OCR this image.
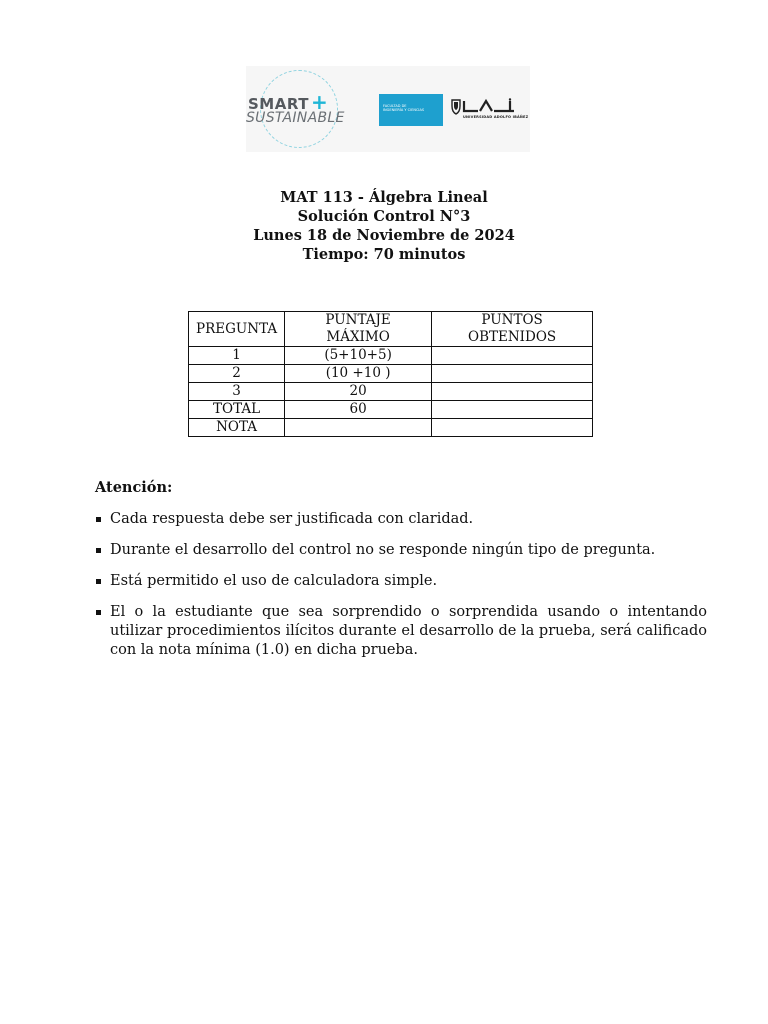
SMART +
SUSTAINABLE
FACULTAD DE
INGENIERÍA Y CIENCIAS
UNIVERSIDAD ADOLFO IBÁÑEZ
MAT 113 - Álgebra Lineal
Solución Control N°3
Lunes 18 de Noviembre de 2024
Tiempo: 70 minutos
PREGUNTA	PUNTAJE MÁXIMO	PUNTOS OBTENIDOS
1	(5+10+5)	
2	(10 +10 )	
3	20	
TOTAL	60	
NOTA		
Atención:
Cada respuesta debe ser justificada con claridad.
Durante el desarrollo del control no se responde ningún tipo de pregunta.
Está permitido el uso de calculadora simple.
El o la estudiante que sea sorprendido o sorprendida usando o intentando utilizar procedimientos ilícitos durante el desarrollo de la prueba, será calificado con la nota mínima (1.0) en dicha prueba.
